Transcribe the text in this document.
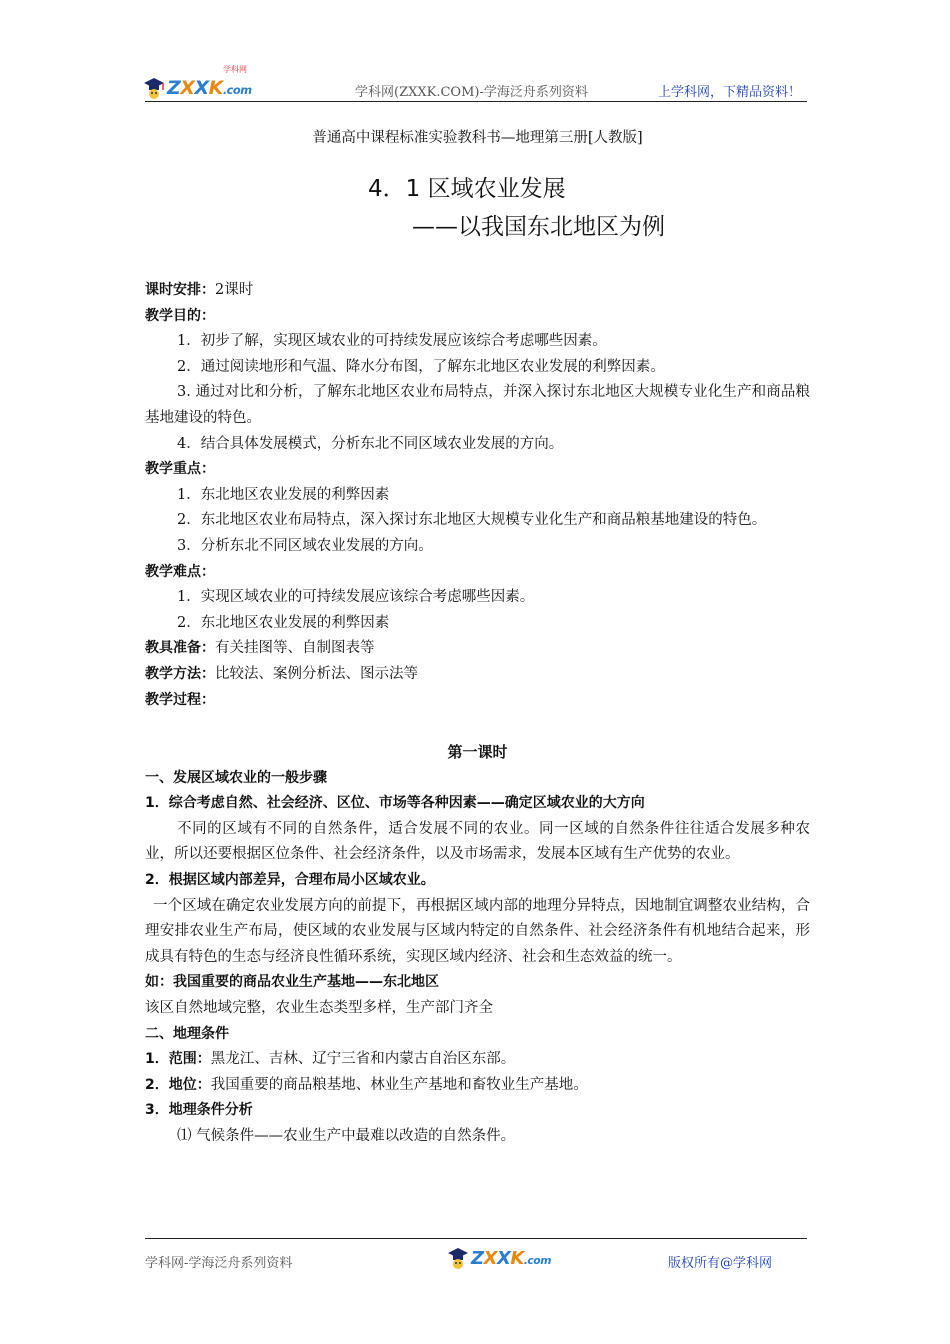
ZXXK.com
学科网
学科网(ZXXK.COM)-学海泛舟系列资料	上学科网，下精品资料！
普通高中课程标准实验教科书—地理第三册[人教版]
4．1 区域农业发展
——以我国东北地区为例

课时安排：2课时

教学目的：

1．初步了解，实现区域农业的可持续发展应该综合考虑哪些因素。

2．通过阅读地形和气温、降水分布图，了解东北地区农业发展的利弊因素。

3. 通过对比和分析，了解东北地区农业布局特点，并深入探讨东北地区大规模专业化生产和商品粮基地建设的特色。

4．结合具体发展模式，分析东北不同区域农业发展的方向。

教学重点：

1．东北地区农业发展的利弊因素

2．东北地区农业布局特点，深入探讨东北地区大规模专业化生产和商品粮基地建设的特色。

3．分析东北不同区域农业发展的方向。

教学难点：

1．实现区域农业的可持续发展应该综合考虑哪些因素。

2．东北地区农业发展的利弊因素

教具准备：有关挂图等、自制图表等

教学方法：比较法、案例分析法、图示法等

教学过程：

第一课时

一、发展区域农业的一般步骤

1．综合考虑自然、社会经济、区位、市场等各种因素——确定区域农业的大方向

不同的区域有不同的自然条件，适合发展不同的农业。同一区域的自然条件往往适合发展多种农业，所以还要根据区位条件、社会经济条件，以及市场需求，发展本区域有生产优势的农业。

2．根据区域内部差异，合理布局小区域农业。

一个区域在确定农业发展方向的前提下，再根据区域内部的地理分异特点，因地制宜调整农业结构，合理安排农业生产布局，使区域的农业发展与区域内特定的自然条件、社会经济条件有机地结合起来，形成具有特色的生态与经济良性循环系统，实现区域内经济、社会和生态效益的统一。

如：我国重要的商品农业生产基地——东北地区

该区自然地域完整，农业生态类型多样，生产部门齐全

二、地理条件

1．范围：黑龙江、吉林、辽宁三省和内蒙古自治区东部。

2．地位：我国重要的商品粮基地、林业生产基地和畜牧业生产基地。

3．地理条件分析

⑴ 气候条件——农业生产中最难以改造的自然条件。

学科网-学海泛舟系列资料	ZXXK.com	版权所有@学科网
